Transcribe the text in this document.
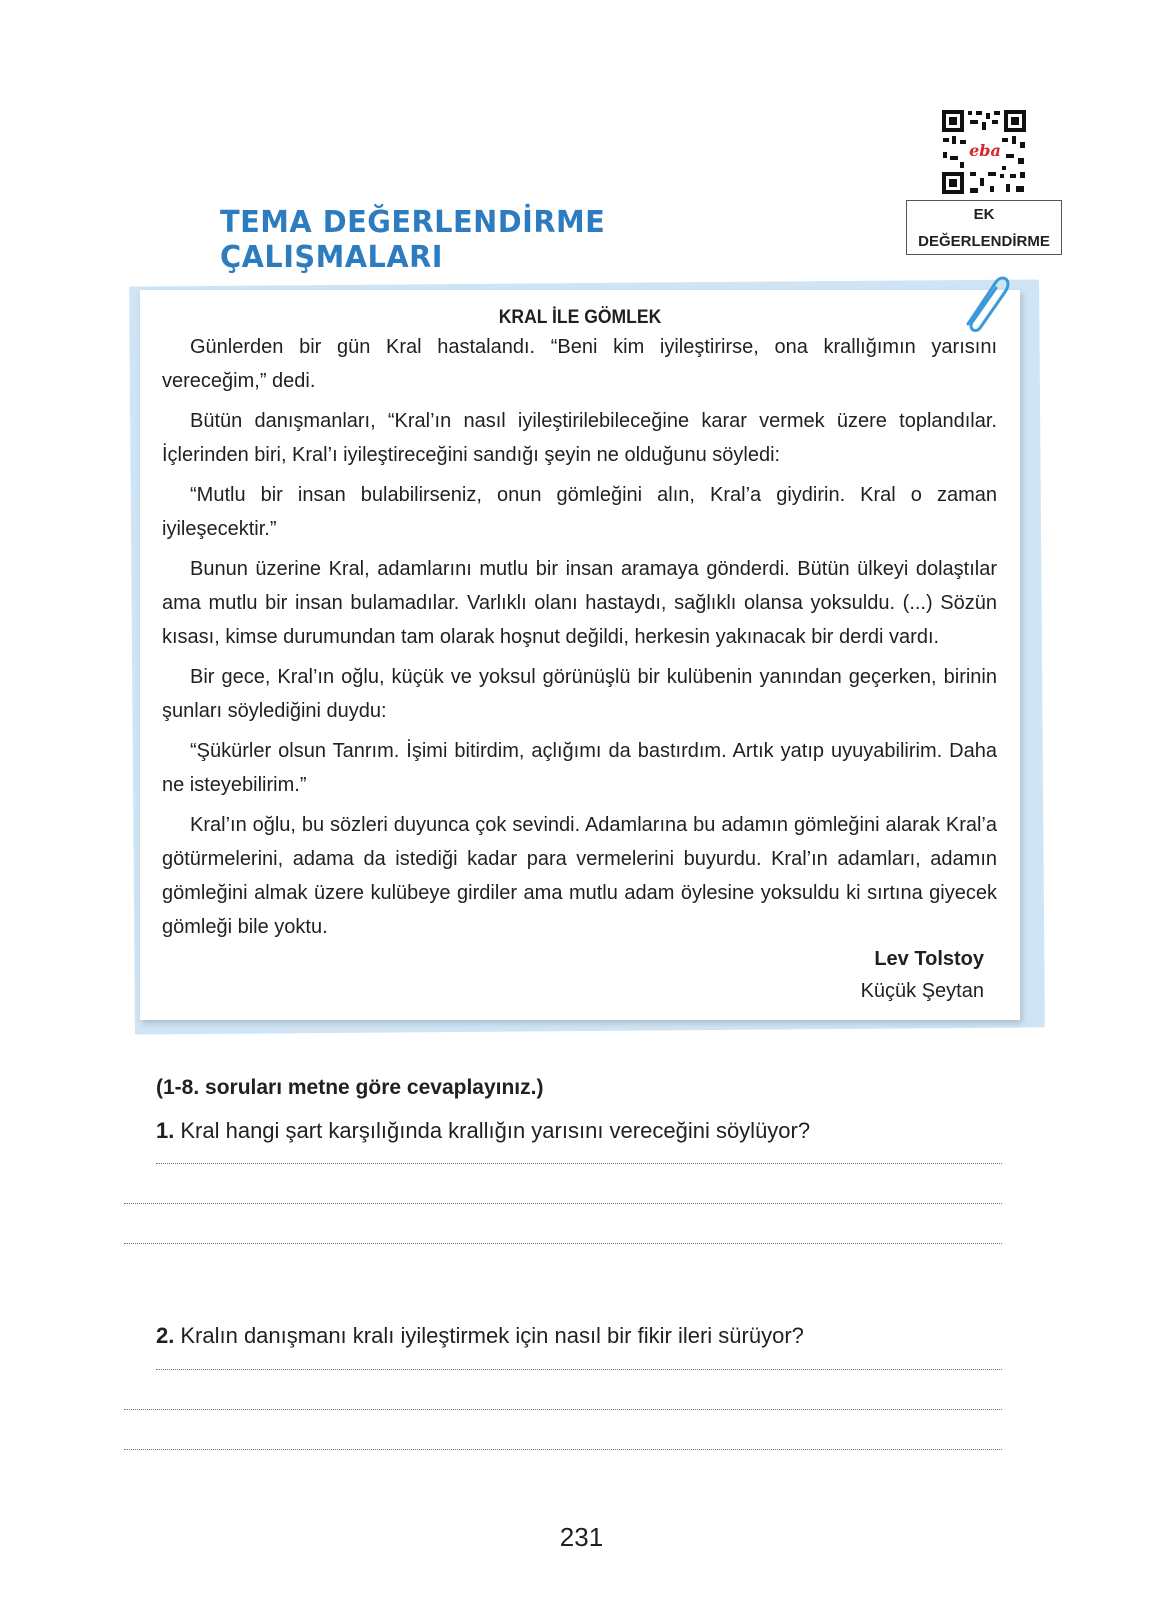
eba
EK
DEĞERLENDİRME
TEMA DEĞERLENDİRME ÇALIŞMALARI
KRAL İLE GÖMLEK

Günlerden bir gün Kral hastalandı. “Beni kim iyileştirirse, ona krallığımın yarısını vereceğim,” dedi.

Bütün danışmanları, “Kral’ın nasıl iyileştirilebileceğine karar vermek üzere toplandılar. İçlerinden biri, Kral’ı iyileştireceğini sandığı şeyin ne olduğunu söyledi:

“Mutlu bir insan bulabilirseniz, onun gömleğini alın, Kral’a giydirin. Kral o zaman iyileşecektir.”

Bunun üzerine Kral, adamlarını mutlu bir insan aramaya gönderdi. Bütün ülkeyi dolaştılar ama mutlu bir insan bulamadılar. Varlıklı olanı hastaydı, sağlıklı olansa yoksuldu. (...) Sözün kısası, kimse durumundan tam olarak hoşnut değildi, herkesin yakınacak bir derdi vardı.

Bir gece, Kral’ın oğlu, küçük ve yoksul görünüşlü bir kulübenin yanından geçerken, birinin şunları söylediğini duydu:

“Şükürler olsun Tanrım. İşimi bitirdim, açlığımı da bastırdım. Artık yatıp uyuyabilirim. Daha ne isteyebilirim.”

Kral’ın oğlu, bu sözleri duyunca çok sevindi. Adamlarına bu adamın gömleğini alarak Kral’a götürmelerini, adama da istediği kadar para vermelerini buyurdu. Kral’ın adamları, adamın gömleğini almak üzere kulübeye girdiler ama mutlu adam öylesine yoksuldu ki sırtına giyecek gömleği bile yoktu.

Lev Tolstoy
Küçük Şeytan
(1-8. soruları metne göre cevaplayınız.)
1. Kral hangi şart karşılığında krallığın yarısını vereceğini söylüyor?
2. Kralın danışmanı kralı iyileştirmek için nasıl bir fikir ileri sürüyor?
231
